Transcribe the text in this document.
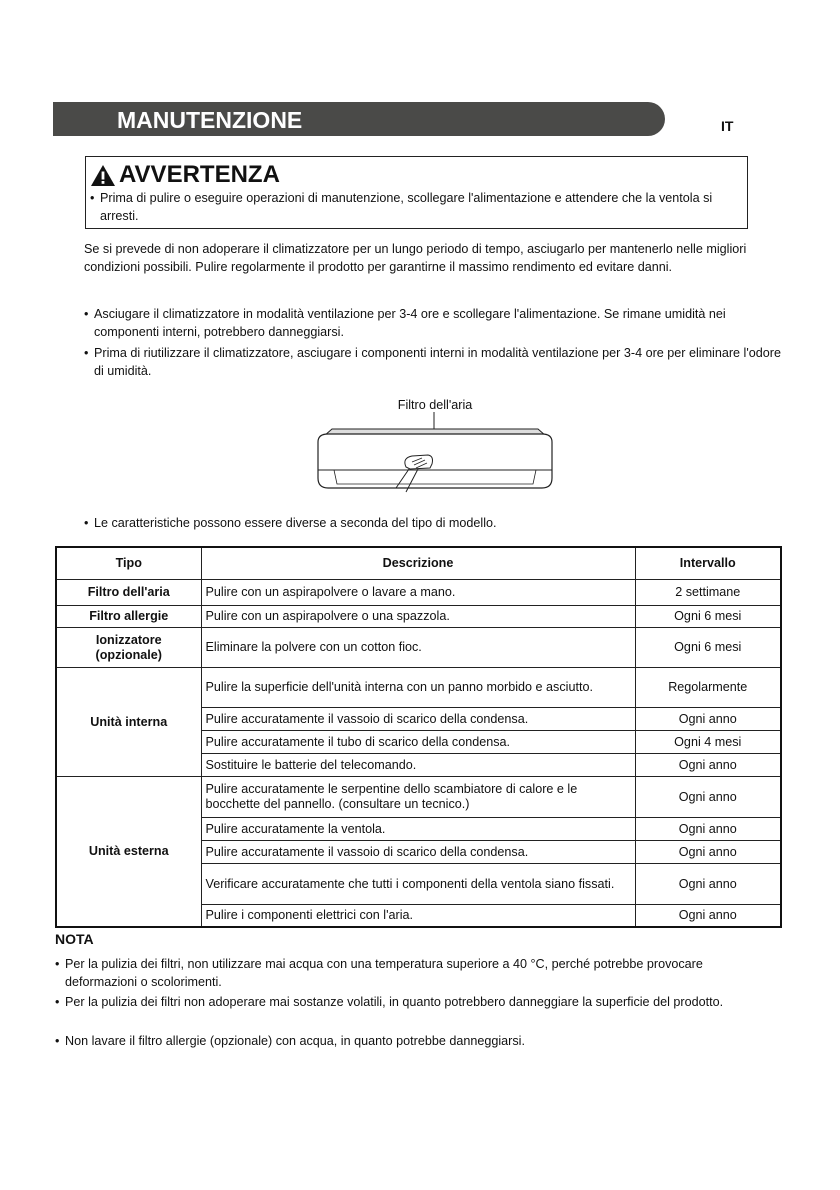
MANUTENZIONE	IT
AVVERTENZA
• Prima di pulire o eseguire operazioni di manutenzione, scollegare l'alimentazione e attendere che la ventola si arresti.
Se si prevede di non adoperare il climatizzatore per un lungo periodo di tempo, asciugarlo per mantenerlo nelle migliori condizioni possibili. Pulire regolarmente il prodotto per garantirne il massimo rendimento ed evitare danni.
• Asciugare il climatizzatore in modalità ventilazione per 3-4 ore e scollegare l'alimentazione. Se rimane umidità nei componenti interni, potrebbero danneggiarsi.
• Prima di riutilizzare il climatizzatore, asciugare i componenti interni in modalità ventilazione per 3-4 ore per eliminare l'odore di umidità.
Filtro dell'aria
• Le caratteristiche possono essere diverse a seconda del tipo di modello.
Tipo	Descrizione	Intervallo
Filtro dell'aria	Pulire con un aspirapolvere o lavare a mano.	2 settimane
Filtro allergie	Pulire con un aspirapolvere o una spazzola.	Ogni 6 mesi
Ionizzatore (opzionale)	Eliminare la polvere con un cotton fioc.	Ogni 6 mesi
Unità interna	Pulire la superficie dell'unità interna con un panno morbido e asciutto.	Regolarmente
	Pulire accuratamente il vassoio di scarico della condensa.	Ogni anno
	Pulire accuratamente il tubo di scarico della condensa.	Ogni 4 mesi
	Sostituire le batterie del telecomando.	Ogni anno
Unità esterna	Pulire accuratamente le serpentine dello scambiatore di calore e le bocchette del pannello. (consultare un tecnico.)	Ogni anno
	Pulire accuratamente la ventola.	Ogni anno
	Pulire accuratamente il vassoio di scarico della condensa.	Ogni anno
	Verificare accuratamente che tutti i componenti della ventola siano fissati.	Ogni anno
	Pulire i componenti elettrici con l'aria.	Ogni anno
NOTA
• Per la pulizia dei filtri, non utilizzare mai acqua con una temperatura superiore a 40 °C, perché potrebbe provocare deformazioni o scolorimenti.
• Per la pulizia dei filtri non adoperare mai sostanze volatili, in quanto potrebbero danneggiare la superficie del prodotto.
• Non lavare il filtro allergie (opzionale) con acqua, in quanto potrebbe danneggiarsi.
